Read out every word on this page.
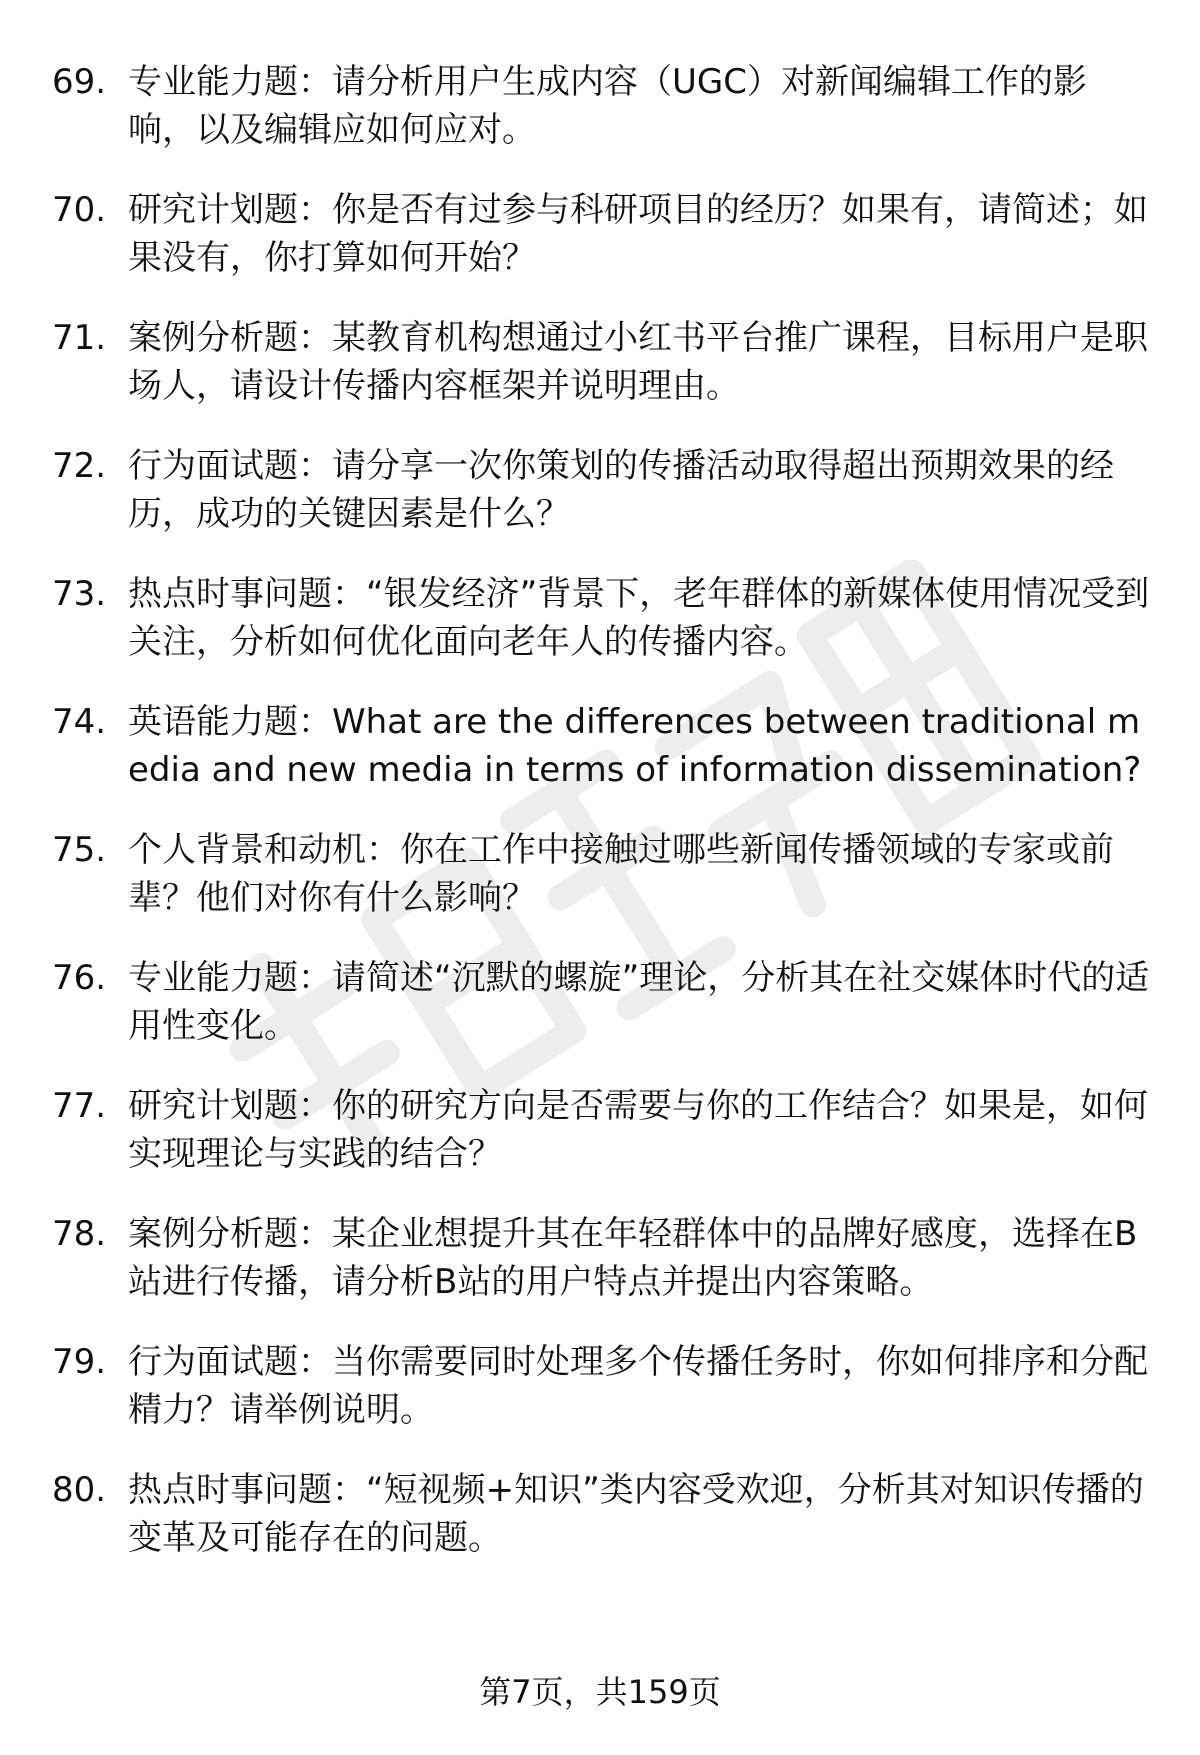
69. 专业能力题：请分析用户生成内容（UGC）对新闻编辑工作的影响，以及编辑应如何应对。
70. 研究计划题：你是否有过参与科研项目的经历？如果有，请简述；如果没有，你打算如何开始？
71. 案例分析题：某教育机构想通过小红书平台推广课程，目标用户是职场人，请设计传播内容框架并说明理由。
72. 行为面试题：请分享一次你策划的传播活动取得超出预期效果的经历，成功的关键因素是什么？
73. 热点时事问题：“银发经济”背景下，老年群体的新媒体使用情况受到关注，分析如何优化面向老年人的传播内容。
74. 英语能力题：What are the differences between traditional media and new media in terms of information dissemination?
75. 个人背景和动机：你在工作中接触过哪些新闻传播领域的专家或前辈？他们对你有什么影响？
76. 专业能力题：请简述“沉默的螺旋”理论，分析其在社交媒体时代的适用性变化。
77. 研究计划题：你的研究方向是否需要与你的工作结合？如果是，如何实现理论与实践的结合？
78. 案例分析题：某企业想提升其在年轻群体中的品牌好感度，选择在B站进行传播，请分析B站的用户特点并提出内容策略。
79. 行为面试题：当你需要同时处理多个传播任务时，你如何排序和分配精力？请举例说明。
80. 热点时事问题：“短视频+知识”类内容受欢迎，分析其对知识传播的变革及可能存在的问题。
第7页，共159页
